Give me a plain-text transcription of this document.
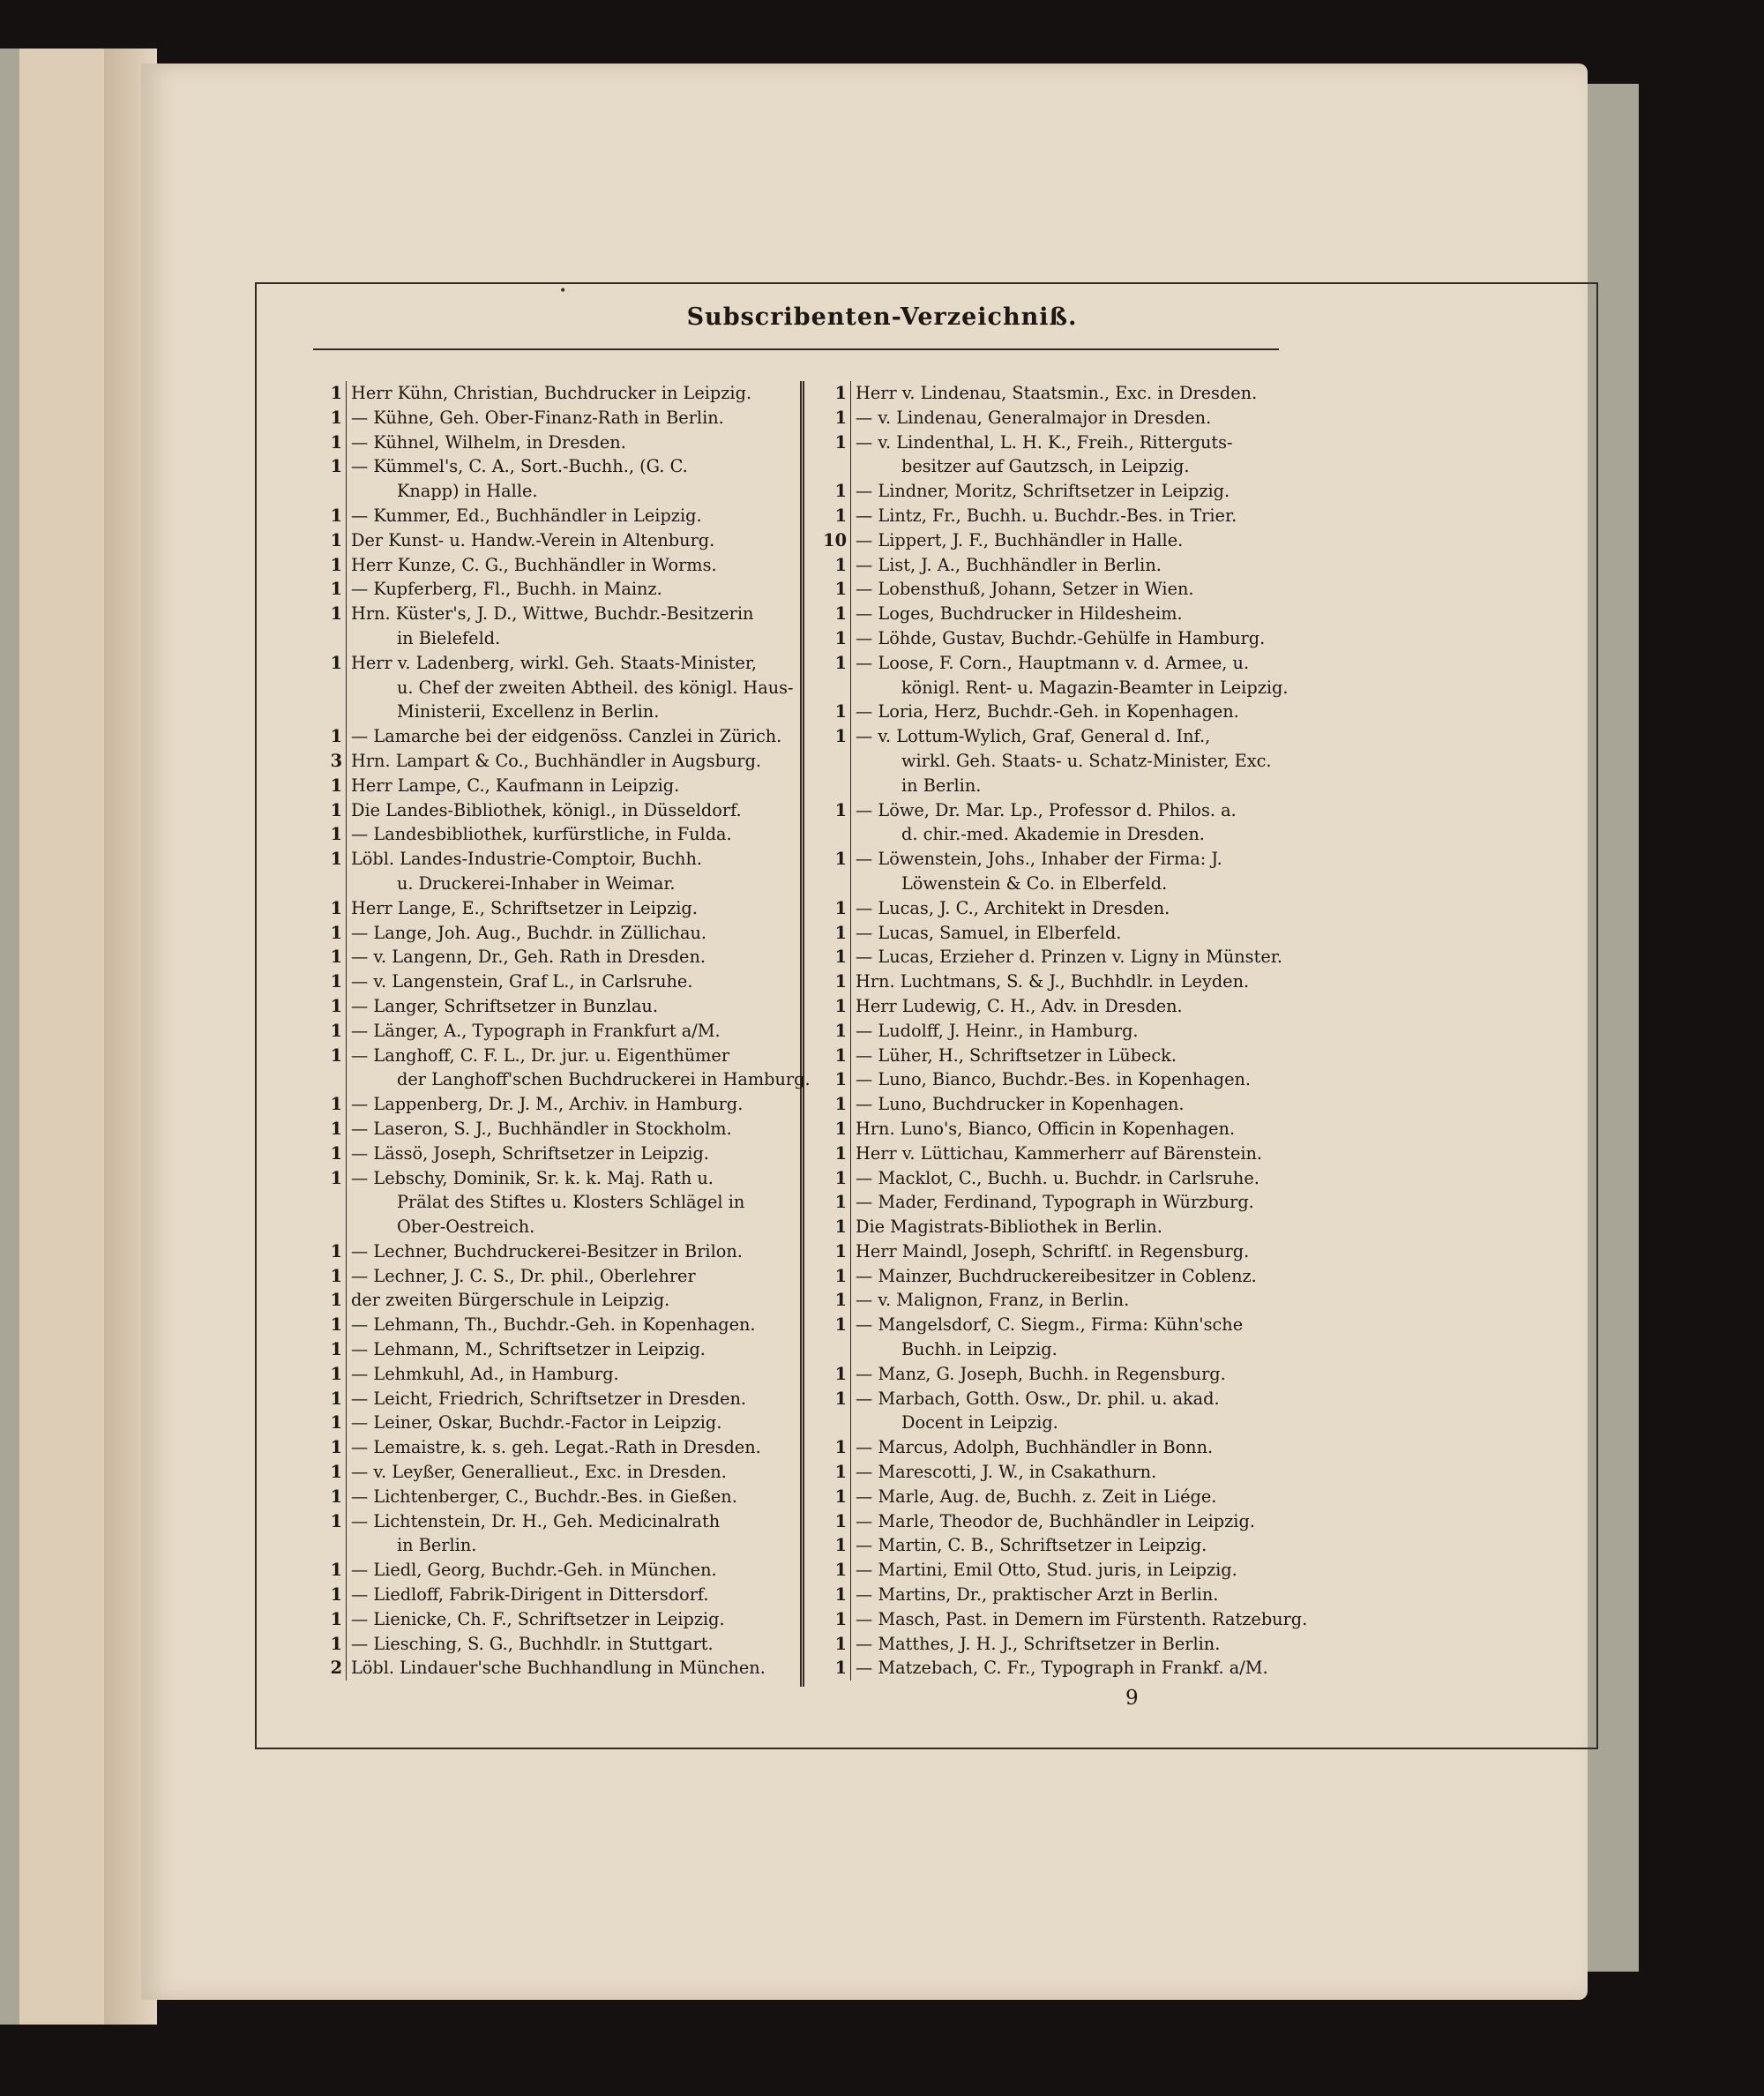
•
Subscribenten-Verzeichniß.
1 Herr Kühn, Christian, Buchdrucker in Leipzig.
1 — Kühne, Geh. Ober-Finanz-Rath in Berlin.
1 — Kühnel, Wilhelm, in Dresden.
1 — Kümmel's, C. A., Sort.-Buchh., (G. C.
Knapp) in Halle.
1 — Kummer, Ed., Buchhändler in Leipzig.
1 Der Kunst- u. Handw.-Verein in Altenburg.
1 Herr Kunze, C. G., Buchhändler in Worms.
1 — Kupferberg, Fl., Buchh. in Mainz.
1 Hrn. Küster's, J. D., Wittwe, Buchdr.-Besitzerin
in Bielefeld.
1 Herr v. Ladenberg, wirkl. Geh. Staats-Minister,
u. Chef der zweiten Abtheil. des königl. Haus-
Ministerii, Excellenz in Berlin.
1 — Lamarche bei der eidgenöss. Canzlei in Zürich.
3 Hrn. Lampart & Co., Buchhändler in Augsburg.
1 Herr Lampe, C., Kaufmann in Leipzig.
1 Die Landes-Bibliothek, königl., in Düsseldorf.
1 — Landesbibliothek, kurfürstliche, in Fulda.
1 Löbl. Landes-Industrie-Comptoir, Buchh.
u. Druckerei-Inhaber in Weimar.
1 Herr Lange, E., Schriftsetzer in Leipzig.
1 — Lange, Joh. Aug., Buchdr. in Züllichau.
1 — v. Langenn, Dr., Geh. Rath in Dresden.
1 — v. Langenstein, Graf L., in Carlsruhe.
1 — Langer, Schriftsetzer in Bunzlau.
1 — Länger, A., Typograph in Frankfurt a/M.
1 — Langhoff, C. F. L., Dr. jur. u. Eigenthümer
der Langhoff'schen Buchdruckerei in Hamburg.
1 — Lappenberg, Dr. J. M., Archiv. in Hamburg.
1 — Laseron, S. J., Buchhändler in Stockholm.
1 — Lässö, Joseph, Schriftsetzer in Leipzig.
1 — Lebschy, Dominik, Sr. k. k. Maj. Rath u.
Prälat des Stiftes u. Klosters Schlägel in
Ober-Oestreich.
1 — Lechner, Buchdruckerei-Besitzer in Brilon.
1 — Lechner, J. C. S., Dr. phil., Oberlehrer
1 der zweiten Bürgerschule in Leipzig.
1 — Lehmann, Th., Buchdr.-Geh. in Kopenhagen.
1 — Lehmann, M., Schriftsetzer in Leipzig.
1 — Lehmkuhl, Ad., in Hamburg.
1 — Leicht, Friedrich, Schriftsetzer in Dresden.
1 — Leiner, Oskar, Buchdr.-Factor in Leipzig.
1 — Lemaistre, k. s. geh. Legat.-Rath in Dresden.
1 — v. Leyßer, Generallieut., Exc. in Dresden.
1 — Lichtenberger, C., Buchdr.-Bes. in Gießen.
1 — Lichtenstein, Dr. H., Geh. Medicinalrath
in Berlin.
1 — Liedl, Georg, Buchdr.-Geh. in München.
1 — Liedloff, Fabrik-Dirigent in Dittersdorf.
1 — Lienicke, Ch. F., Schriftsetzer in Leipzig.
1 — Liesching, S. G., Buchhdlr. in Stuttgart.
2 Löbl. Lindauer'sche Buchhandlung in München.
1 Herr v. Lindenau, Staatsmin., Exc. in Dresden.
1 — v. Lindenau, Generalmajor in Dresden.
1 — v. Lindenthal, L. H. K., Freih., Ritterguts-
besitzer auf Gautzsch, in Leipzig.
1 — Lindner, Moritz, Schriftsetzer in Leipzig.
1 — Lintz, Fr., Buchh. u. Buchdr.-Bes. in Trier.
10 — Lippert, J. F., Buchhändler in Halle.
1 — List, J. A., Buchhändler in Berlin.
1 — Lobensthuß, Johann, Setzer in Wien.
1 — Loges, Buchdrucker in Hildesheim.
1 — Löhde, Gustav, Buchdr.-Gehülfe in Hamburg.
1 — Loose, F. Corn., Hauptmann v. d. Armee, u.
königl. Rent- u. Magazin-Beamter in Leipzig.
1 — Loria, Herz, Buchdr.-Geh. in Kopenhagen.
1 — v. Lottum-Wylich, Graf, General d. Inf.,
wirkl. Geh. Staats- u. Schatz-Minister, Exc.
in Berlin.
1 — Löwe, Dr. Mar. Lp., Professor d. Philos. a.
d. chir.-med. Akademie in Dresden.
1 — Löwenstein, Johs., Inhaber der Firma: J.
Löwenstein & Co. in Elberfeld.
1 — Lucas, J. C., Architekt in Dresden.
1 — Lucas, Samuel, in Elberfeld.
1 — Lucas, Erzieher d. Prinzen v. Ligny in Münster.
1 Hrn. Luchtmans, S. & J., Buchhdlr. in Leyden.
1 Herr Ludewig, C. H., Adv. in Dresden.
1 — Ludolff, J. Heinr., in Hamburg.
1 — Lüher, H., Schriftsetzer in Lübeck.
1 — Luno, Bianco, Buchdr.-Bes. in Kopenhagen.
1 — Luno, Buchdrucker in Kopenhagen.
1 Hrn. Luno's, Bianco, Officin in Kopenhagen.
1 Herr v. Lüttichau, Kammerherr auf Bärenstein.
1 — Macklot, C., Buchh. u. Buchdr. in Carlsruhe.
1 — Mader, Ferdinand, Typograph in Würzburg.
1 Die Magistrats-Bibliothek in Berlin.
1 Herr Maindl, Joseph, Schriftſ. in Regensburg.
1 — Mainzer, Buchdruckereibesitzer in Coblenz.
1 — v. Malignon, Franz, in Berlin.
1 — Mangelsdorf, C. Siegm., Firma: Kühn'sche
Buchh. in Leipzig.
1 — Manz, G. Joseph, Buchh. in Regensburg.
1 — Marbach, Gotth. Osw., Dr. phil. u. akad.
Docent in Leipzig.
1 — Marcus, Adolph, Buchhändler in Bonn.
1 — Marescotti, J. W., in Csakathurn.
1 — Marle, Aug. de, Buchh. z. Zeit in Liége.
1 — Marle, Theodor de, Buchhändler in Leipzig.
1 — Martin, C. B., Schriftsetzer in Leipzig.
1 — Martini, Emil Otto, Stud. juris, in Leipzig.
1 — Martins, Dr., praktischer Arzt in Berlin.
1 — Masch, Past. in Demern im Fürstenth. Ratzeburg.
1 — Matthes, J. H. J., Schriftsetzer in Berlin.
1 — Matzebach, C. Fr., Typograph in Frankf. a/M.
9
